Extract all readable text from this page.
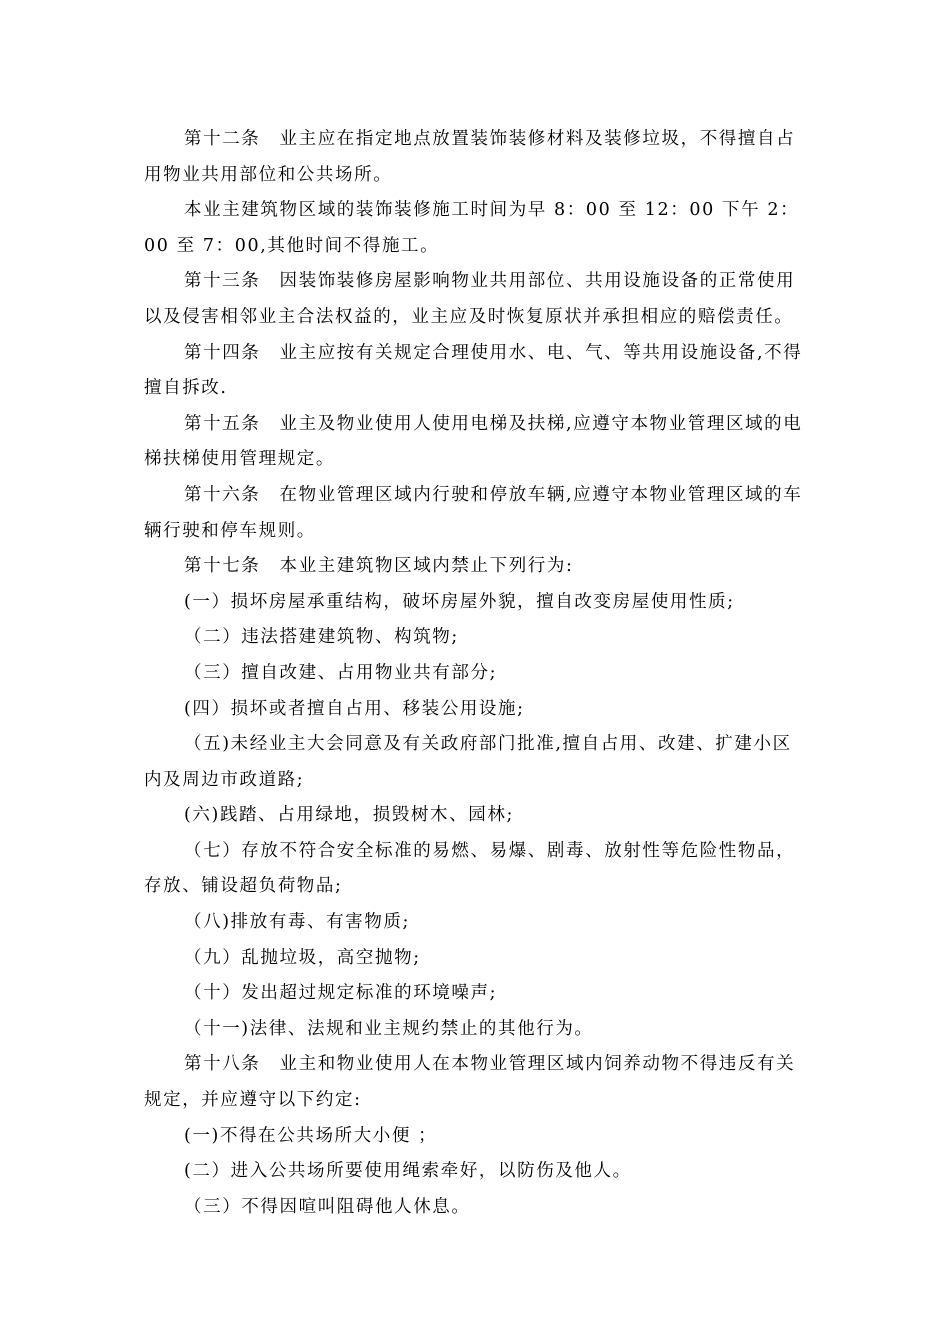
第十二条　业主应在指定地点放置装饰装修材料及装修垃圾，不得擅自占用物业共用部位和公共场所。

本业主建筑物区域的装饰装修施工时间为早 8：00 至 12：00 下午 2：00 至 7：00,其他时间不得施工。

第十三条　因装饰装修房屋影响物业共用部位、共用设施设备的正常使用以及侵害相邻业主合法权益的，业主应及时恢复原状并承担相应的赔偿责任。

第十四条　业主应按有关规定合理使用水、电、气、等共用设施设备,不得擅自拆改.

第十五条　业主及物业使用人使用电梯及扶梯,应遵守本物业管理区域的电梯扶梯使用管理规定。

第十六条　在物业管理区域内行驶和停放车辆,应遵守本物业管理区域的车辆行驶和停车规则。

第十七条　本业主建筑物区域内禁止下列行为:

(一）损坏房屋承重结构，破坏房屋外貌，擅自改变房屋使用性质;

（二）违法搭建建筑物、构筑物;

（三）擅自改建、占用物业共有部分;

(四）损坏或者擅自占用、移装公用设施;

（五)未经业主大会同意及有关政府部门批准,擅自占用、改建、扩建小区内及周边市政道路;

(六)践踏、占用绿地，损毁树木、园林;

（七）存放不符合安全标准的易燃、易爆、剧毒、放射性等危险性物品，存放、铺设超负荷物品;

（八)排放有毒、有害物质;

（九）乱抛垃圾，高空抛物;

（十）发出超过规定标准的环境噪声;

（十一)法律、法规和业主规约禁止的其他行为。

第十八条　业主和物业使用人在本物业管理区域内饲养动物不得违反有关规定，并应遵守以下约定:

(一)不得在公共场所大小便 ；

(二）进入公共场所要使用绳索牵好，以防伤及他人。

（三）不得因喧叫阻碍他人休息。
